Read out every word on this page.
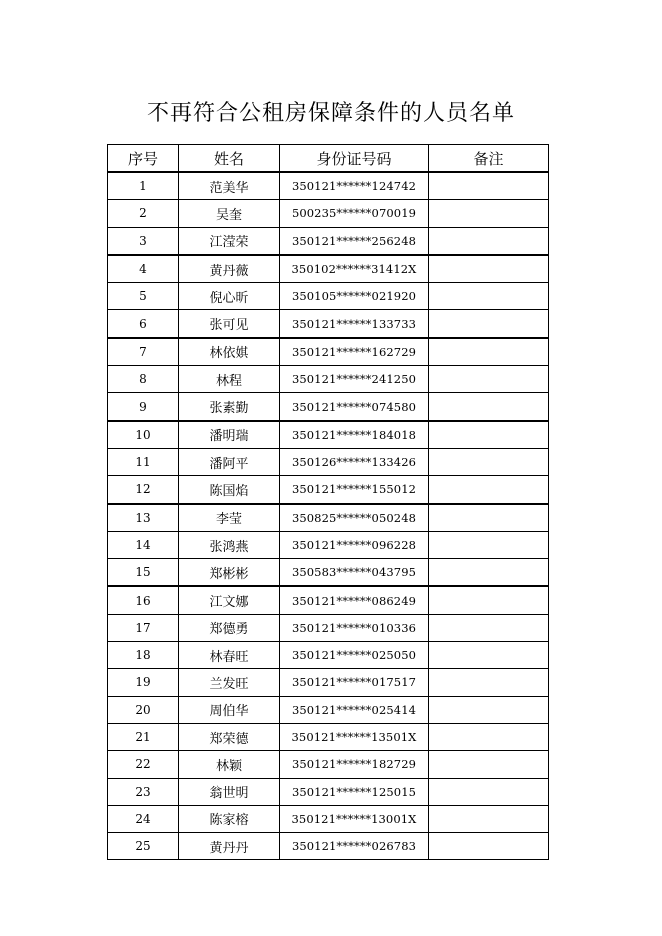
不再符合公租房保障条件的人员名单
序号	姓名	身份证号码	备注
1	范美华	350121******124742	
2	吴奎	500235******070019	
3	江滢荣	350121******256248	
4	黄丹薇	350102******31412X	
5	倪心昕	350105******021920	
6	张可见	350121******133733	
7	林依娸	350121******162729	
8	林程	350121******241250	
9	张素勤	350121******074580	
10	潘明瑞	350121******184018	
11	潘阿平	350126******133426	
12	陈国焰	350121******155012	
13	李莹	350825******050248	
14	张鸿燕	350121******096228	
15	郑彬彬	350583******043795	
16	江文娜	350121******086249	
17	郑德勇	350121******010336	
18	林春旺	350121******025050	
19	兰发旺	350121******017517	
20	周伯华	350121******025414	
21	郑荣德	350121******13501X	
22	林颖	350121******182729	
23	翁世明	350121******125015	
24	陈家榕	350121******13001X	
25	黄丹丹	350121******026783	
